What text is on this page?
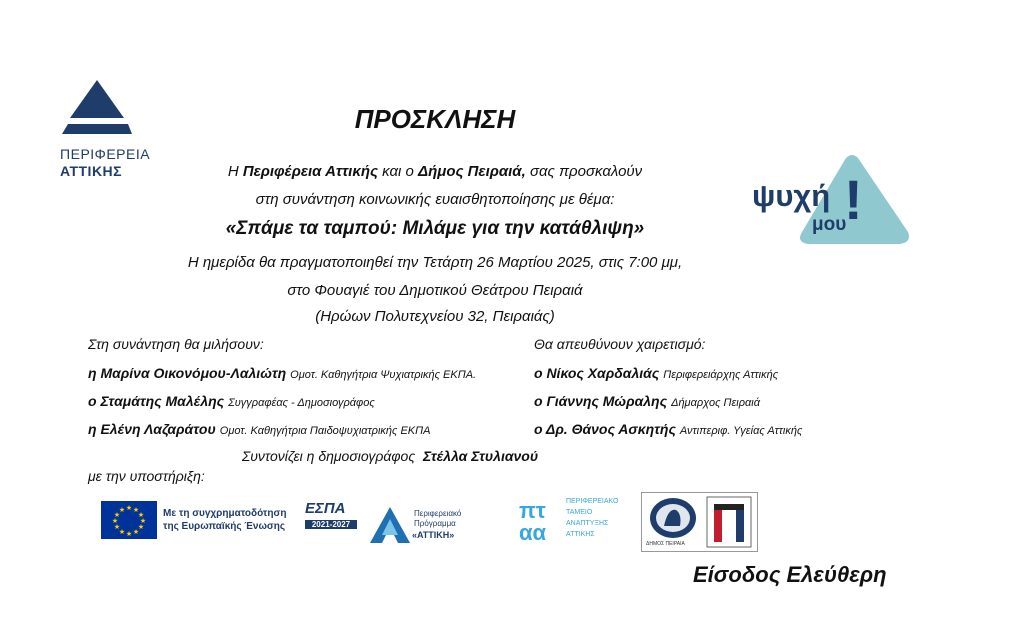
ΠΕΡΙΦΕΡΕΙΑ
ΑΤΤΙΚΗΣ
ψυχή
μου
!
ΠΡΟΣΚΛΗΣΗ
Η Περιφέρεια Αττικής και ο Δήμος Πειραιά, σας προσκαλούν
στη συνάντηση κοινωνικής ευαισθητοποίησης με θέμα:
«Σπάμε τα ταμπού: Μιλάμε για την κατάθλιψη»
Η ημερίδα θα πραγματοποιηθεί την Τετάρτη 26 Μαρτίου 2025, στις 7:00 μμ,
στο Φουαγιέ του Δημοτικού Θεάτρου Πειραιά
(Ηρώων Πολυτεχνείου 32, Πειραιάς)
Στη συνάντηση θα μιλήσουν:
η Μαρίνα Οικονόμου-Λαλιώτη Ομοτ. Καθηγήτρια Ψυχιατρικής ΕΚΠΑ.
ο Σταμάτης Μαλέλης Συγγραφέας - Δημοσιογράφος
η Ελένη Λαζαράτου Ομοτ. Καθηγήτρια Παιδοψυχιατρικής ΕΚΠΑ
Θα απευθύνουν χαιρετισμό:
ο Νίκος Χαρδαλιάς Περιφερειάρχης Αττικής
ο Γιάννης Μώραλης Δήμαρχος Πειραιά
ο Δρ. Θάνος Ασκητής Αντιπεριφ. Υγείας Αττικής
Συντονίζει η δημοσιογράφος Στέλλα Στυλιανού
με την υποστήριξη:
★ ★
★
★
★
★
★
★
★
★
★
★	Με τη συγχρηματοδότηση
της Ευρωπαϊκής Ένωσης
ΕΣΠΑ
2021-2027
Περιφερειακό
Πρόγραμμα
«ΑΤΤΙΚΗ»
πτ αα
ΠΕΡΙΦΕΡΕΙΑΚΟ
ΤΑΜΕΙΟ
ΑΝΑΠΤΥΞΗΣ
ΑΤΤΙΚΗΣ
ΔΗΜΟΣ ΠΕΙΡΑΙΑ
Είσοδος Ελεύθερη
